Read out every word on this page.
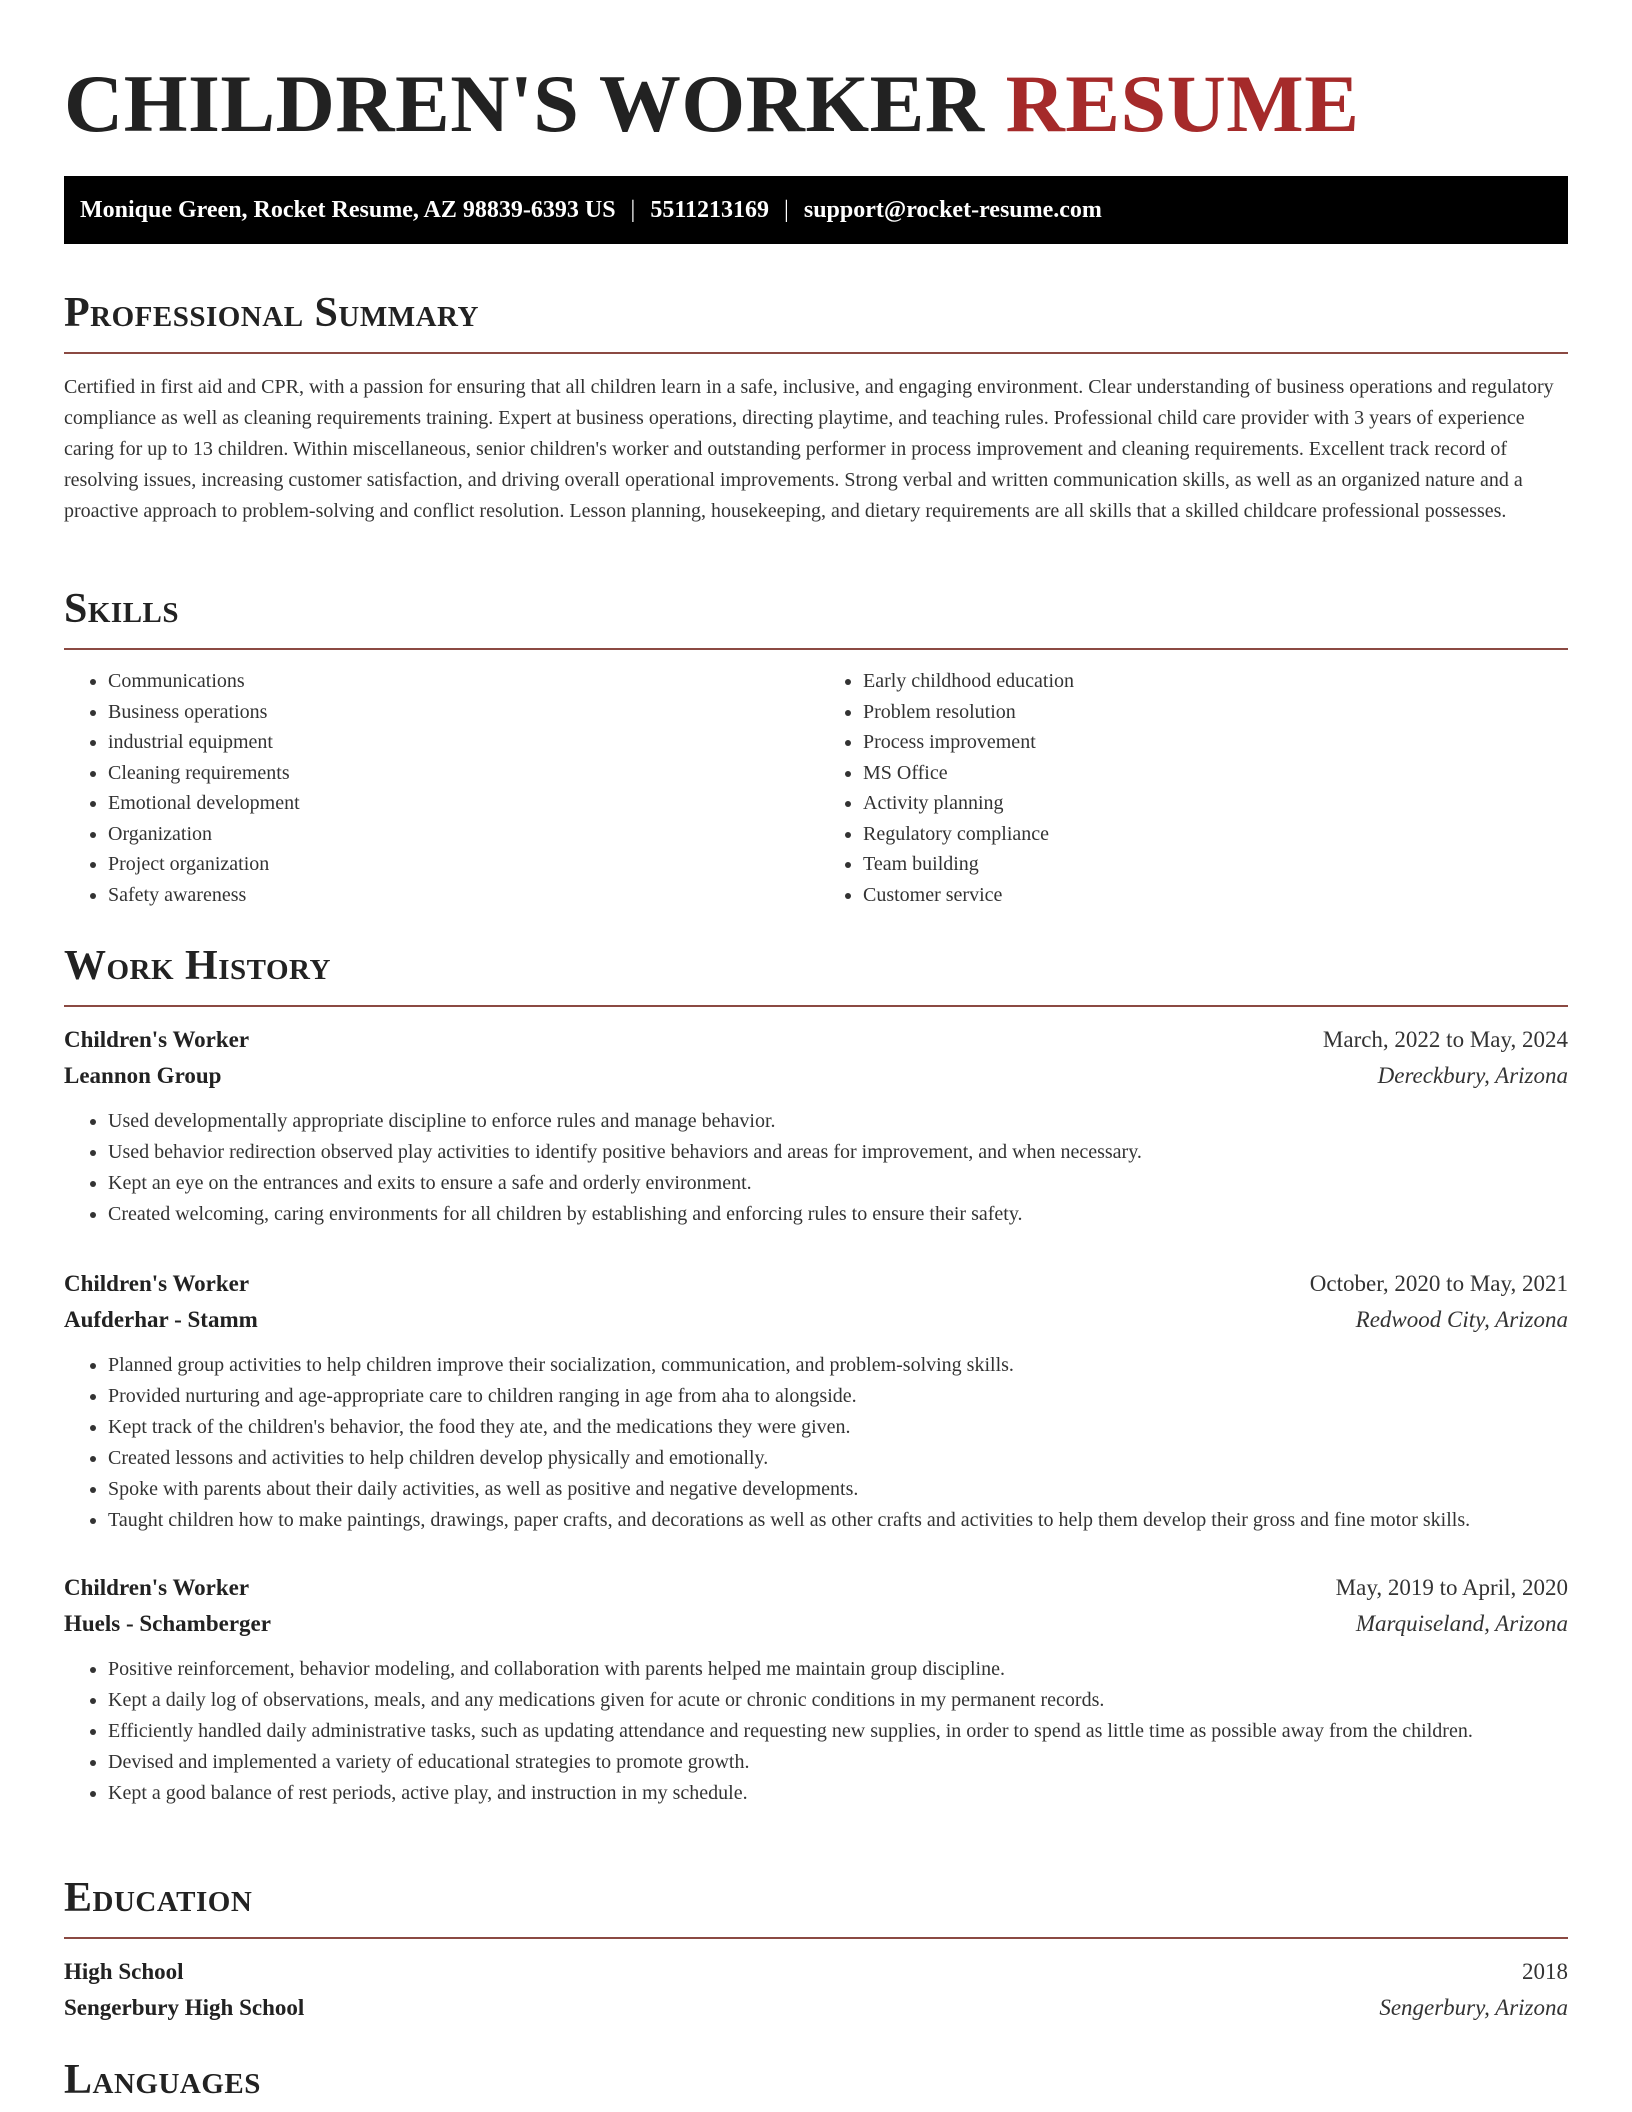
CHILDREN'S WORKER RESUME
Monique Green, Rocket Resume, AZ 98839-6393 US | 5511213169 | support@rocket-resume.com
Professional Summary

Certified in first aid and CPR, with a passion for ensuring that all children learn in a safe, inclusive, and engaging environment. Clear understanding of business operations and regulatory compliance as well as cleaning requirements training. Expert at business operations, directing playtime, and teaching rules. Professional child care provider with 3 years of experience caring for up to 13 children. Within miscellaneous, senior children's worker and outstanding performer in process improvement and cleaning requirements. Excellent track record of resolving issues, increasing customer satisfaction, and driving overall operational improvements. Strong verbal and written communication skills, as well as an organized nature and a proactive approach to problem-solving and conflict resolution. Lesson planning, housekeeping, and dietary requirements are all skills that a skilled childcare professional possesses.

Skills
• Communications
• Business operations
• industrial equipment
• Cleaning requirements
• Emotional development
• Organization
• Project organization
• Safety awareness
• Early childhood education
• Problem resolution
• Process improvement
• MS Office
• Activity planning
• Regulatory compliance
• Team building
• Customer service
Work History
Children's Worker	March, 2022 to May, 2024
Leannon Group	Dereckbury, Arizona
• Used developmentally appropriate discipline to enforce rules and manage behavior.
• Used behavior redirection observed play activities to identify positive behaviors and areas for improvement, and when necessary.
• Kept an eye on the entrances and exits to ensure a safe and orderly environment.
• Created welcoming, caring environments for all children by establishing and enforcing rules to ensure their safety.
Children's Worker	October, 2020 to May, 2021
Aufderhar - Stamm	Redwood City, Arizona
• Planned group activities to help children improve their socialization, communication, and problem-solving skills.
• Provided nurturing and age-appropriate care to children ranging in age from aha to alongside.
• Kept track of the children's behavior, the food they ate, and the medications they were given.
• Created lessons and activities to help children develop physically and emotionally.
• Spoke with parents about their daily activities, as well as positive and negative developments.
• Taught children how to make paintings, drawings, paper crafts, and decorations as well as other crafts and activities to help them develop their gross and fine motor skills.
Children's Worker	May, 2019 to April, 2020
Huels - Schamberger	Marquiseland, Arizona
• Positive reinforcement, behavior modeling, and collaboration with parents helped me maintain group discipline.
• Kept a daily log of observations, meals, and any medications given for acute or chronic conditions in my permanent records.
• Efficiently handled daily administrative tasks, such as updating attendance and requesting new supplies, in order to spend as little time as possible away from the children.
• Devised and implemented a variety of educational strategies to promote growth.
• Kept a good balance of rest periods, active play, and instruction in my schedule.
Education
High School	2018
Sengerbury High School	Sengerbury, Arizona
Languages
